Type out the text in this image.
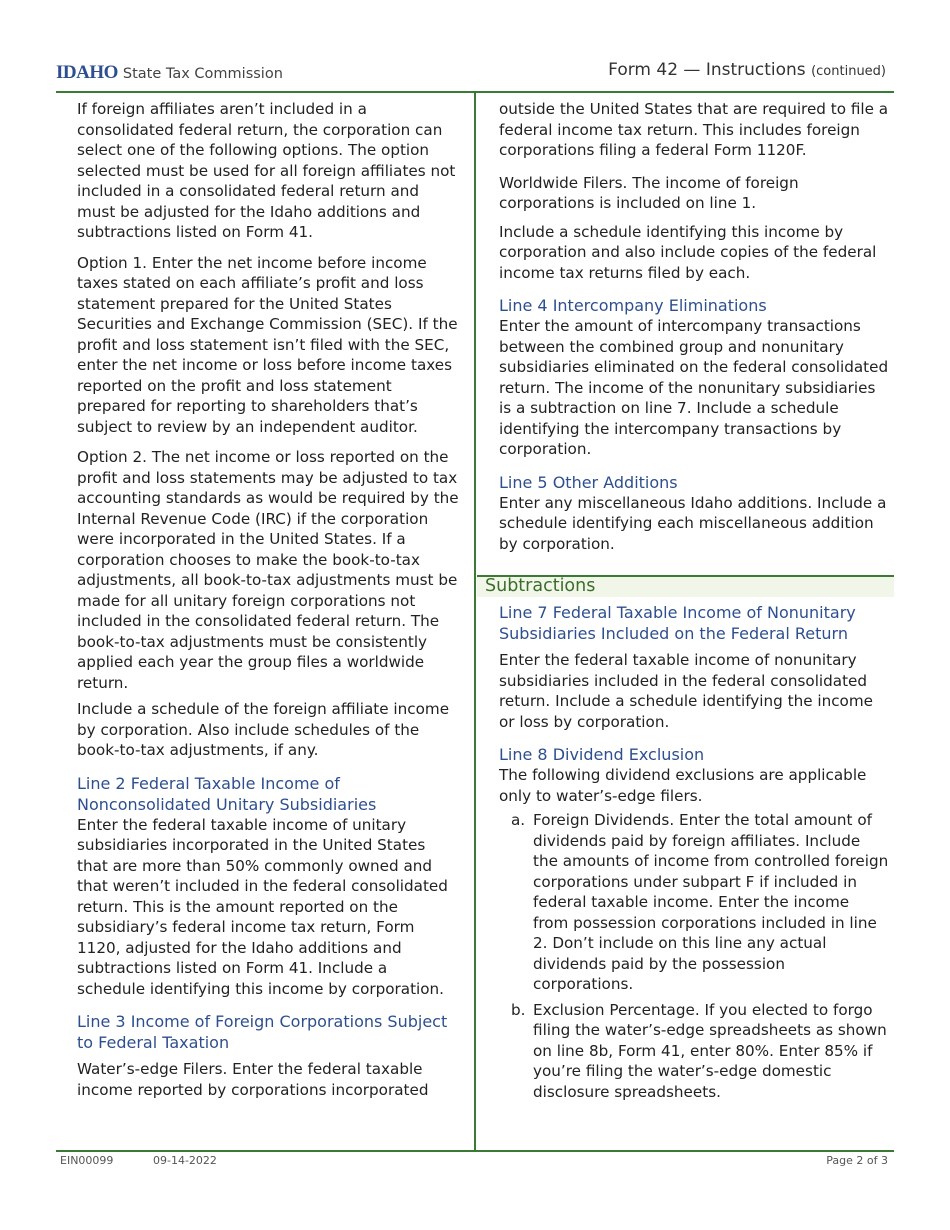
IDAHO State Tax Commission	Form 42 — Instructions (continued)

If foreign affiliates aren’t included in a consolidated federal return, the corporation can select one of the following options. The option selected must be used for all foreign affiliates not included in a consolidated federal return and must be adjusted for the Idaho additions and subtractions listed on Form 41.

Option 1. Enter the net income before income taxes stated on each affiliate’s profit and loss statement prepared for the United States Securities and Exchange Commission (SEC). If the profit and loss statement isn’t filed with the SEC, enter the net income or loss before income taxes reported on the profit and loss statement prepared for reporting to shareholders that’s subject to review by an independent auditor.

Option 2. The net income or loss reported on the profit and loss statements may be adjusted to tax accounting standards as would be required by the Internal Revenue Code (IRC) if the corporation were incorporated in the United States. If a corporation chooses to make the book-to-tax adjustments, all book-to-tax adjustments must be made for all unitary foreign corporations not included in the consolidated federal return. The book-to-tax adjustments must be consistently applied each year the group files a worldwide return.

Include a schedule of the foreign affiliate income by corporation. Also include schedules of the book-to-tax adjustments, if any.

Line 2 Federal Taxable Income of Nonconsolidated Unitary Subsidiaries

Enter the federal taxable income of unitary subsidiaries incorporated in the United States that are more than 50% commonly owned and that weren’t included in the federal consolidated return. This is the amount reported on the subsidiary’s federal income tax return, Form 1120, adjusted for the Idaho additions and subtractions listed on Form 41. Include a schedule identifying this income by corporation.

Line 3 Income of Foreign Corporations Subject to Federal Taxation

Water’s-edge Filers. Enter the federal taxable income reported by corporations incorporated

outside the United States that are required to file a federal income tax return. This includes foreign corporations filing a federal Form 1120F.

Worldwide Filers. The income of foreign corporations is included on line 1.

Include a schedule identifying this income by corporation and also include copies of the federal income tax returns filed by each.

Line 4 Intercompany Eliminations

Enter the amount of intercompany transactions between the combined group and nonunitary subsidiaries eliminated on the federal consolidated return. The income of the nonunitary subsidiaries is a subtraction on line 7. Include a schedule identifying the intercompany transactions by corporation.

Line 5 Other Additions

Enter any miscellaneous Idaho additions. Include a schedule identifying each miscellaneous addition by corporation.

Line 7 Federal Taxable Income of Nonunitary Subsidiaries Included on the Federal Return

Enter the federal taxable income of nonunitary subsidiaries included in the federal consolidated return. Include a schedule identifying the income or loss by corporation.

Line 8 Dividend Exclusion

The following dividend exclusions are applicable only to water’s-edge filers.

a. Foreign Dividends. Enter the total amount of dividends paid by foreign affiliates. Include the amounts of income from controlled foreign corporations under subpart F if included in federal taxable income. Enter the income from possession corporations included in line 2. Don’t include on this line any actual dividends paid by the possession corporations.
b. Exclusion Percentage. If you elected to forgo filing the water’s-edge spreadsheets as shown on line 8b, Form 41, enter 80%. Enter 85% if you’re filing the water’s-edge domestic disclosure spreadsheets.
Subtractions
EIN00099	09-14-2022	Page 2 of 3
